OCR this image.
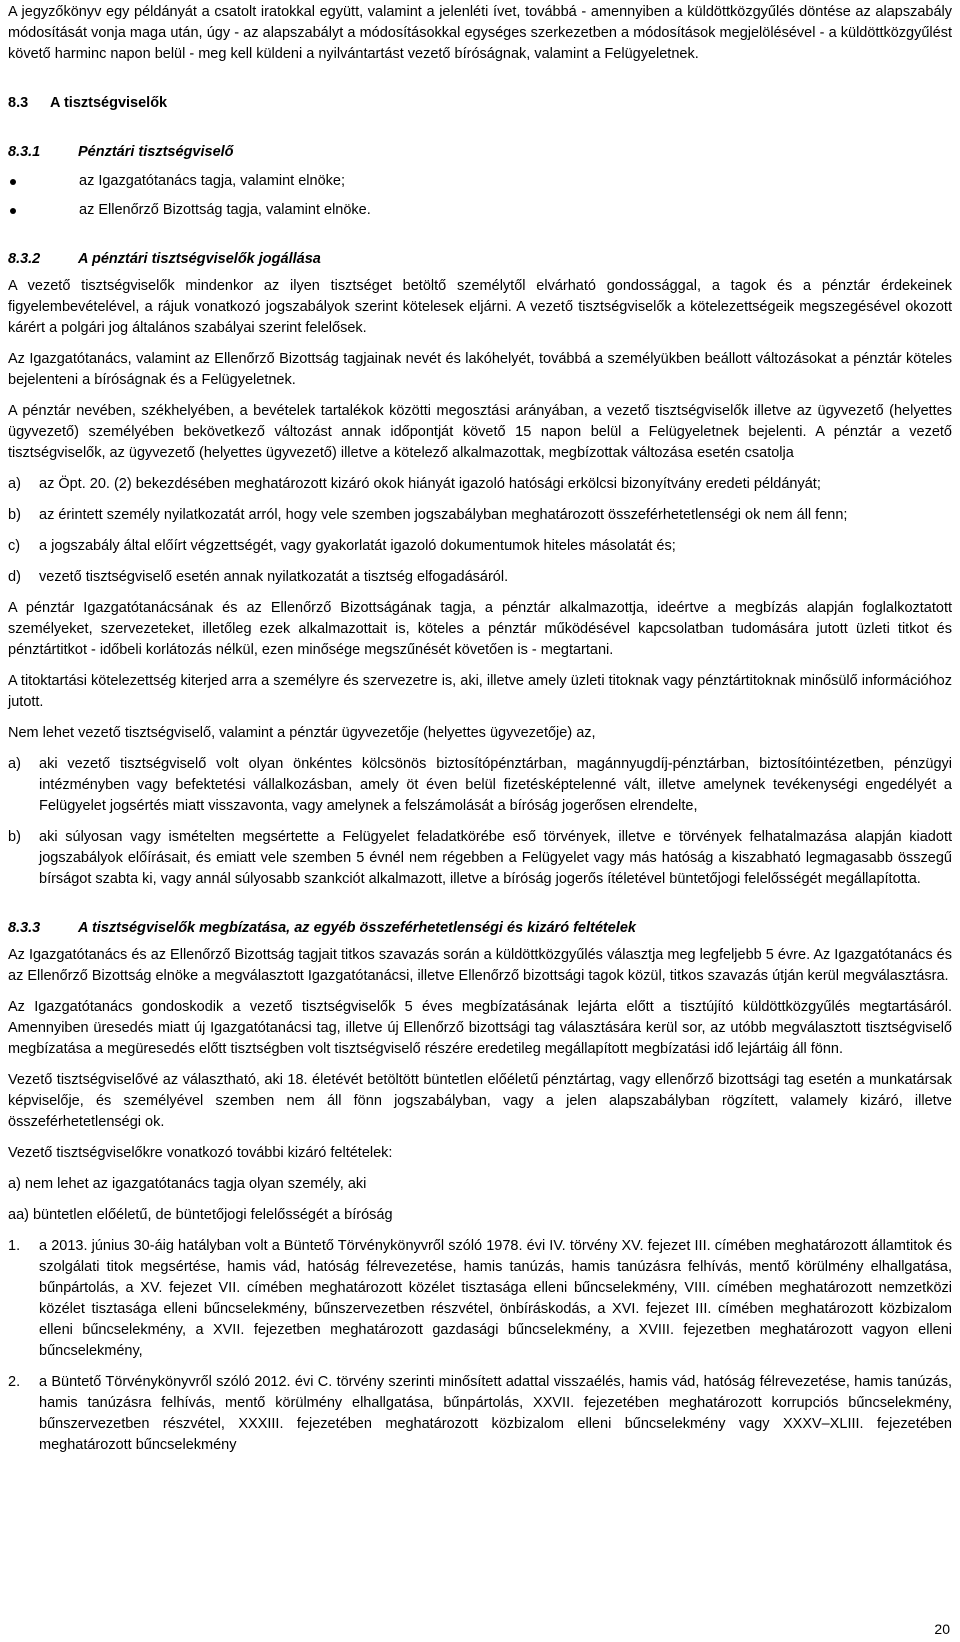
A jegyzőkönyv egy példányát a csatolt iratokkal együtt, valamint a jelenléti ívet, továbbá - amennyiben a küldöttközgyűlés döntése az alapszabály módosítását vonja maga után, úgy - az alapszabályt a módosításokkal egységes szerkezetben a módosítások megjelölésével - a küldöttközgyűlést követő harminc napon belül - meg kell küldeni a nyilvántartást vezető bíróságnak, valamint a Felügyeletnek.

8.3 A tisztségviselők

8.3.1	Pénztári tisztségviselő

az Igazgatótanács tagja, valamint elnöke;
az Ellenőrző Bizottság tagja, valamint elnöke.

8.3.2	A pénztári tisztségviselők jogállása

A vezető tisztségviselők mindenkor az ilyen tisztséget betöltő személytől elvárható gondossággal, a tagok és a pénztár érdekeinek figyelembevételével, a rájuk vonatkozó jogszabályok szerint kötelesek eljárni. A vezető tisztségviselők a kötelezettségeik megszegésével okozott kárért a polgári jog általános szabályai szerint felelősek.

Az Igazgatótanács, valamint az Ellenőrző Bizottság tagjainak nevét és lakóhelyét, továbbá a személyükben beállott változásokat a pénztár köteles bejelenteni a bíróságnak és a Felügyeletnek.

A pénztár nevében, székhelyében, a bevételek tartalékok közötti megosztási arányában, a vezető tisztségviselők illetve az ügyvezető (helyettes ügyvezető) személyében bekövetkező változást annak időpontját követő 15 napon belül a Felügyeletnek bejelenti. A pénztár a vezető tisztségviselők, az ügyvezető (helyettes ügyvezető) illetve a kötelező alkalmazottak, megbízottak változása esetén csatolja

a) az Öpt. 20. (2) bekezdésében meghatározott kizáró okok hiányát igazoló hatósági erkölcsi bizonyítvány eredeti példányát;
b) az érintett személy nyilatkozatát arról, hogy vele szemben jogszabályban meghatározott összeférhetetlenségi ok nem áll fenn;
c) a jogszabály által előírt végzettségét, vagy gyakorlatát igazoló dokumentumok hiteles másolatát és;
d) vezető tisztségviselő esetén annak nyilatkozatát a tisztség elfogadásáról.

A pénztár Igazgatótanácsának és az Ellenőrző Bizottságának tagja, a pénztár alkalmazottja, ideértve a megbízás alapján foglalkoztatott személyeket, szervezeteket, illetőleg ezek alkalmazottait is, köteles a pénztár működésével kapcsolatban tudomására jutott üzleti titkot és pénztártitkot - időbeli korlátozás nélkül, ezen minősége megszűnését követően is - megtartani.

A titoktartási kötelezettség kiterjed arra a személyre és szervezetre is, aki, illetve amely üzleti titoknak vagy pénztártitoknak minősülő információhoz jutott.

Nem lehet vezető tisztségviselő, valamint a pénztár ügyvezetője (helyettes ügyvezetője) az,

a) aki vezető tisztségviselő volt olyan önkéntes kölcsönös biztosítópénztárban, magánnyugdíj-pénztárban, biztosítóintézetben, pénzügyi intézményben vagy befektetési vállalkozásban, amely öt éven belül fizetésképtelenné vált, illetve amelynek tevékenységi engedélyét a Felügyelet jogsértés miatt visszavonta, vagy amelynek a felszámolását a bíróság jogerősen elrendelte,
b) aki súlyosan vagy ismételten megsértette a Felügyelet feladatkörébe eső törvények, illetve e törvények felhatalmazása alapján kiadott jogszabályok előírásait, és emiatt vele szemben 5 évnél nem régebben a Felügyelet vagy más hatóság a kiszabható legmagasabb összegű bírságot szabta ki, vagy annál súlyosabb szankciót alkalmazott, illetve a bíróság jogerős ítéletével büntetőjogi felelősségét megállapította.

8.3.3	A tisztségviselők megbízatása, az egyéb összeférhetetlenségi és kizáró feltételek

Az Igazgatótanács és az Ellenőrző Bizottság tagjait titkos szavazás során a küldöttközgyűlés választja meg legfeljebb 5 évre. Az Igazgatótanács és az Ellenőrző Bizottság elnöke a megválasztott Igazgatótanácsi, illetve Ellenőrző bizottsági tagok közül, titkos szavazás útján kerül megválasztásra.

Az Igazgatótanács gondoskodik a vezető tisztségviselők 5 éves megbízatásának lejárta előtt a tisztújító küldöttközgyűlés megtartásáról. Amennyiben üresedés miatt új Igazgatótanácsi tag, illetve új Ellenőrző bizottsági tag választására kerül sor, az utóbb megválasztott tisztségviselő megbízatása a megüresedés előtt tisztségben volt tisztségviselő részére eredetileg megállapított megbízatási idő lejártáig áll fönn.

Vezető tisztségviselővé az választható, aki 18. életévét betöltött büntetlen előéletű pénztártag, vagy ellenőrző bizottsági tag esetén a munkatársak képviselője, és személyével szemben nem áll fönn jogszabályban, vagy a jelen alapszabályban rögzített, valamely kizáró, illetve összeférhetetlenségi ok.

Vezető tisztségviselőkre vonatkozó további kizáró feltételek:

a) nem lehet az igazgatótanács tagja olyan személy, aki

aa) büntetlen előéletű, de büntetőjogi felelősségét a bíróság

1. a 2013. június 30-áig hatályban volt a Büntető Törvénykönyvről szóló 1978. évi IV. törvény XV. fejezet III. címében meghatározott államtitok és szolgálati titok megsértése, hamis vád, hatóság félrevezetése, hamis tanúzás, hamis tanúzásra felhívás, mentő körülmény elhallgatása, bűnpártolás, a XV. fejezet VII. címében meghatározott közélet tisztasága elleni bűncselekmény, VIII. címében meghatározott nemzetközi közélet tisztasága elleni bűncselekmény, bűnszervezetben részvétel, önbíráskodás, a XVI. fejezet III. címében meghatározott közbizalom elleni bűncselekmény, a XVII. fejezetben meghatározott gazdasági bűncselekmény, a XVIII. fejezetben meghatározott vagyon elleni bűncselekmény,
2. a Büntető Törvénykönyvről szóló 2012. évi C. törvény szerinti minősített adattal visszaélés, hamis vád, hatóság félrevezetése, hamis tanúzás, hamis tanúzásra felhívás, mentő körülmény elhallgatása, bűnpártolás, XXVII. fejezetében meghatározott korrupciós bűncselekmény, bűnszervezetben részvétel, XXXIII. fejezetében meghatározott közbizalom elleni bűncselekmény vagy XXXV–XLIII. fejezetében meghatározott bűncselekmény
20
